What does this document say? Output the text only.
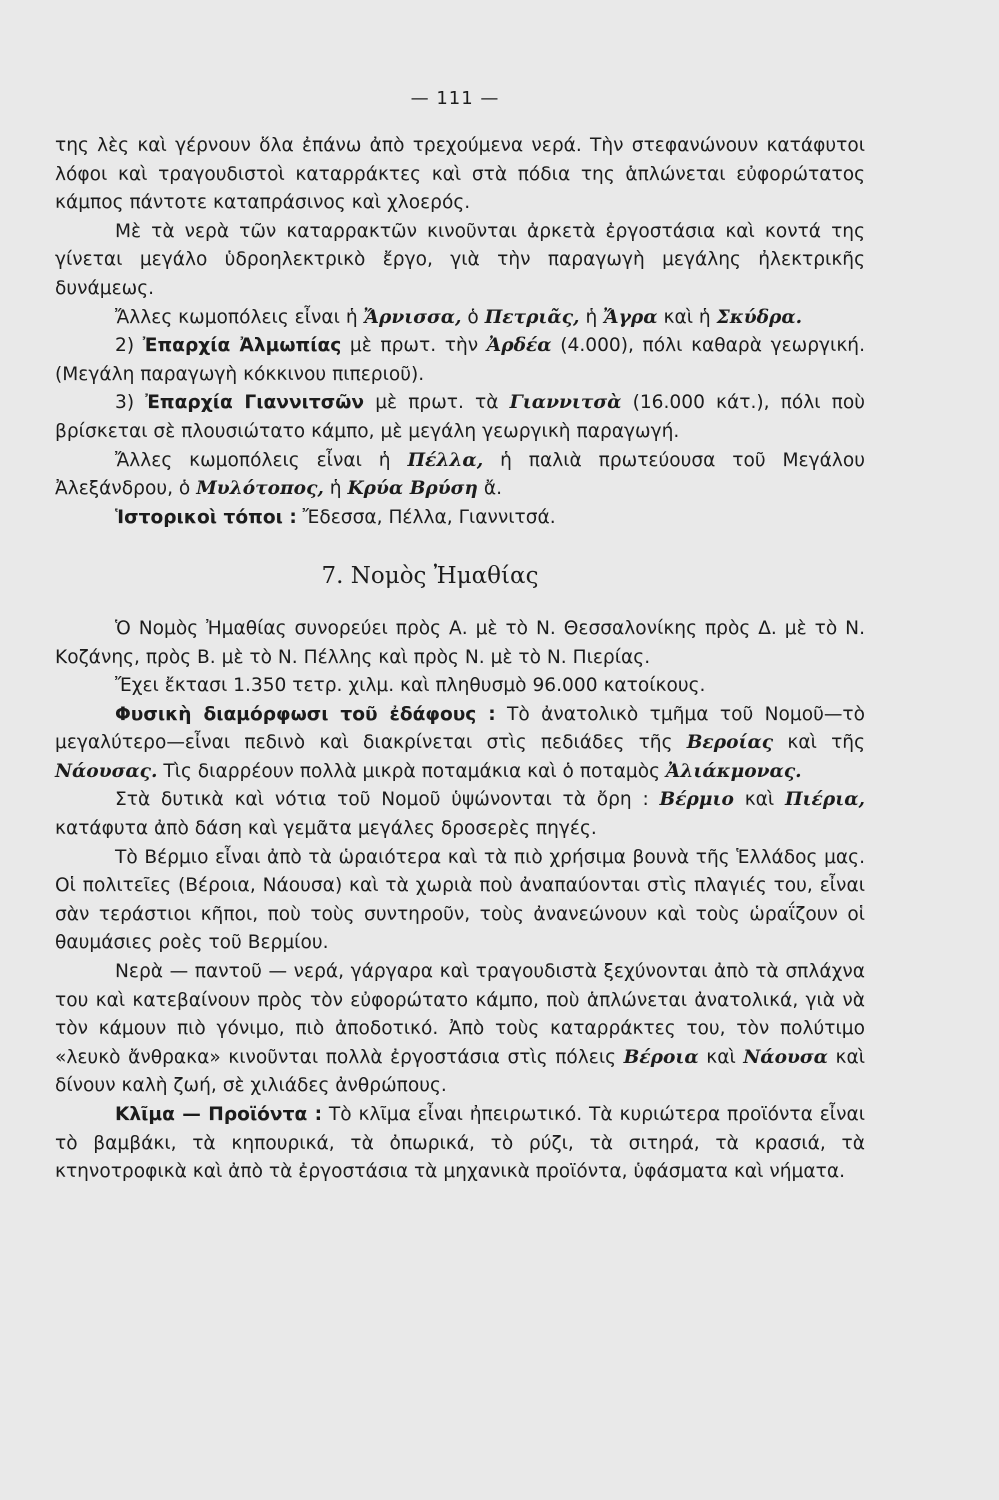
— 111 —

της λὲς καὶ γέρνουν ὅλα ἐπάνω ἀπὸ τρεχούμενα νερά. Τὴν στεφανώνουν κατάφυτοι λόφοι καὶ τραγουδιστοὶ καταρράκτες καὶ στὰ πόδια της ἁπλώνεται εὐφορώτατος κάμπος πάντοτε καταπράσινος καὶ χλοερός.

Μὲ τὰ νερὰ τῶν καταρρακτῶν κινοῦνται ἀρκετὰ ἐργοστάσια καὶ κοντά της γίνεται μεγάλο ὑδροηλεκτρικὸ ἔργο, γιὰ τὴν παραγωγὴ μεγάλης ἠλεκτρικῆς δυνάμεως.

Ἄλλες κωμοπόλεις εἶναι ἡ Ἄρνισσα, ὁ Πετριᾶς, ἡ Ἄγρα καὶ ἡ Σκύδρα.

2) Ἐπαρχία Ἀλμωπίας μὲ πρωτ. τὴν Ἀρδέα (4.000), πόλι καθαρὰ γεωργική. (Μεγάλη παραγωγὴ κόκκινου πιπεριοῦ).

3) Ἐπαρχία Γιαννιτσῶν μὲ πρωτ. τὰ Γιαννιτσὰ (16.000 κάτ.), πόλι ποὺ βρίσκεται σὲ πλουσιώτατο κάμπο, μὲ μεγάλη γεωργικὴ παραγωγή.

Ἄλλες κωμοπόλεις εἶναι ἡ Πέλλα, ἡ παλιὰ πρωτεύουσα τοῦ Μεγάλου Ἀλεξάνδρου, ὁ Μυλότοπος, ἡ Κρύα Βρύση ἄ.

Ἱστορικοὶ τόποι : Ἔδεσσα, Πέλλα, Γιαννιτσά.

7. Νομὸς Ἠμαθίας

Ὁ Νομὸς Ἠμαθίας συνορεύει πρὸς Α. μὲ τὸ Ν. Θεσσαλονίκης πρὸς Δ. μὲ τὸ Ν. Κοζάνης, πρὸς Β. μὲ τὸ Ν. Πέλλης καὶ πρὸς Ν. μὲ τὸ Ν. Πιερίας.

Ἔχει ἔκτασι 1.350 τετρ. χιλμ. καὶ πληθυσμὸ 96.000 κατοίκους.

Φυσικὴ διαμόρφωσι τοῦ ἐδάφους : Τὸ ἀνατολικὸ τμῆμα τοῦ Νομοῦ—τὸ μεγαλύτερο—εἶναι πεδινὸ καὶ διακρίνεται στὶς πεδιάδες τῆς Βεροίας καὶ τῆς Νάουσας. Τὶς διαρρέουν πολλὰ μικρὰ ποταμάκια καὶ ὁ ποταμὸς Ἀλιάκμονας.

Στὰ δυτικὰ καὶ νότια τοῦ Νομοῦ ὑψώνονται τὰ ὄρη : Βέρμιο καὶ Πιέρια, κατάφυτα ἀπὸ δάση καὶ γεμᾶτα μεγάλες δροσερὲς πηγές.

Τὸ Βέρμιο εἶναι ἀπὸ τὰ ὡραιότερα καὶ τὰ πιὸ χρήσιμα βουνὰ τῆς Ἑλλάδος μας. Οἱ πολιτεῖες (Βέροια, Νάουσα) καὶ τὰ χωριὰ ποὺ ἀναπαύονται στὶς πλαγιές του, εἶναι σὰν τεράστιοι κῆποι, ποὺ τοὺς συντηροῦν, τοὺς ἀνανεώνουν καὶ τοὺς ὡραΐζουν οἱ θαυμάσιες ροὲς τοῦ Βερμίου.

Νερὰ — παντοῦ — νερά, γάργαρα καὶ τραγουδιστὰ ξεχύνονται ἀπὸ τὰ σπλάχνα του καὶ κατεβαίνουν πρὸς τὸν εὐφορώτατο κάμπο, ποὺ ἁπλώνεται ἀνατολικά, γιὰ νὰ τὸν κάμουν πιὸ γόνιμο, πιὸ ἀποδοτικό. Ἀπὸ τοὺς καταρράκτες του, τὸν πολύτιμο «λευκὸ ἄνθρακα» κινοῦνται πολλὰ ἐργοστάσια στὶς πόλεις Βέροια καὶ Νάουσα καὶ δίνουν καλὴ ζωή, σὲ χιλιάδες ἀνθρώπους.

Κλῖμα — Προϊόντα : Τὸ κλῖμα εἶναι ἠπειρωτικό. Τὰ κυριώτερα προϊόντα εἶναι τὸ βαμβάκι, τὰ κηπουρικά, τὰ ὀπωρικά, τὸ ρύζι, τὰ σιτηρά, τὰ κρασιά, τὰ κτηνοτροφικὰ καὶ ἀπὸ τὰ ἐργοστάσια τὰ μηχανικὰ προϊόντα, ὑφάσματα καὶ νήματα.
